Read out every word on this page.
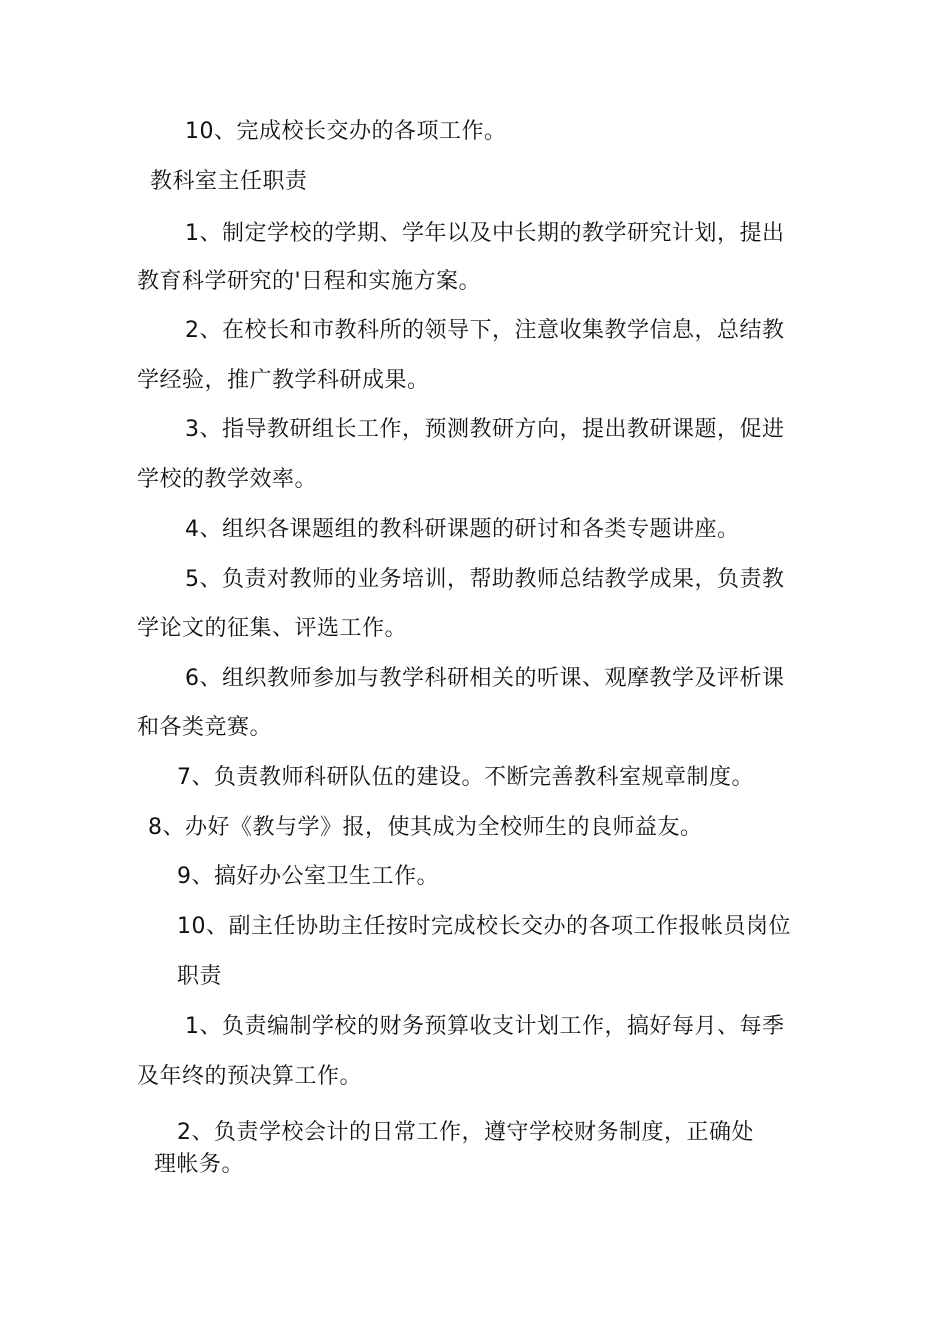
10、完成校长交办的各项工作。
教科室主任职责
1、制定学校的学期、学年以及中长期的教学研究计划，提出
教育科学研究的'日程和实施方案。
2、在校长和市教科所的领导下，注意收集教学信息，总结教
学经验，推广教学科研成果。
3、指导教研组长工作，预测教研方向，提出教研课题，促进
学校的教学效率。
4、组织各课题组的教科研课题的研讨和各类专题讲座。
5、负责对教师的业务培训，帮助教师总结教学成果，负责教
学论文的征集、评选工作。
6、组织教师参加与教学科研相关的听课、观摩教学及评析课
和各类竞赛。
7、负责教师科研队伍的建设。不断完善教科室规章制度。
8、办好《教与学》报，使其成为全校师生的良师益友。
9、搞好办公室卫生工作。
10、副主任协助主任按时完成校长交办的各项工作报帐员岗位
职责
1、负责编制学校的财务预算收支计划工作，搞好每月、每季
及年终的预决算工作。
2、负责学校会计的日常工作，遵守学校财务制度，正确处
理帐务。
